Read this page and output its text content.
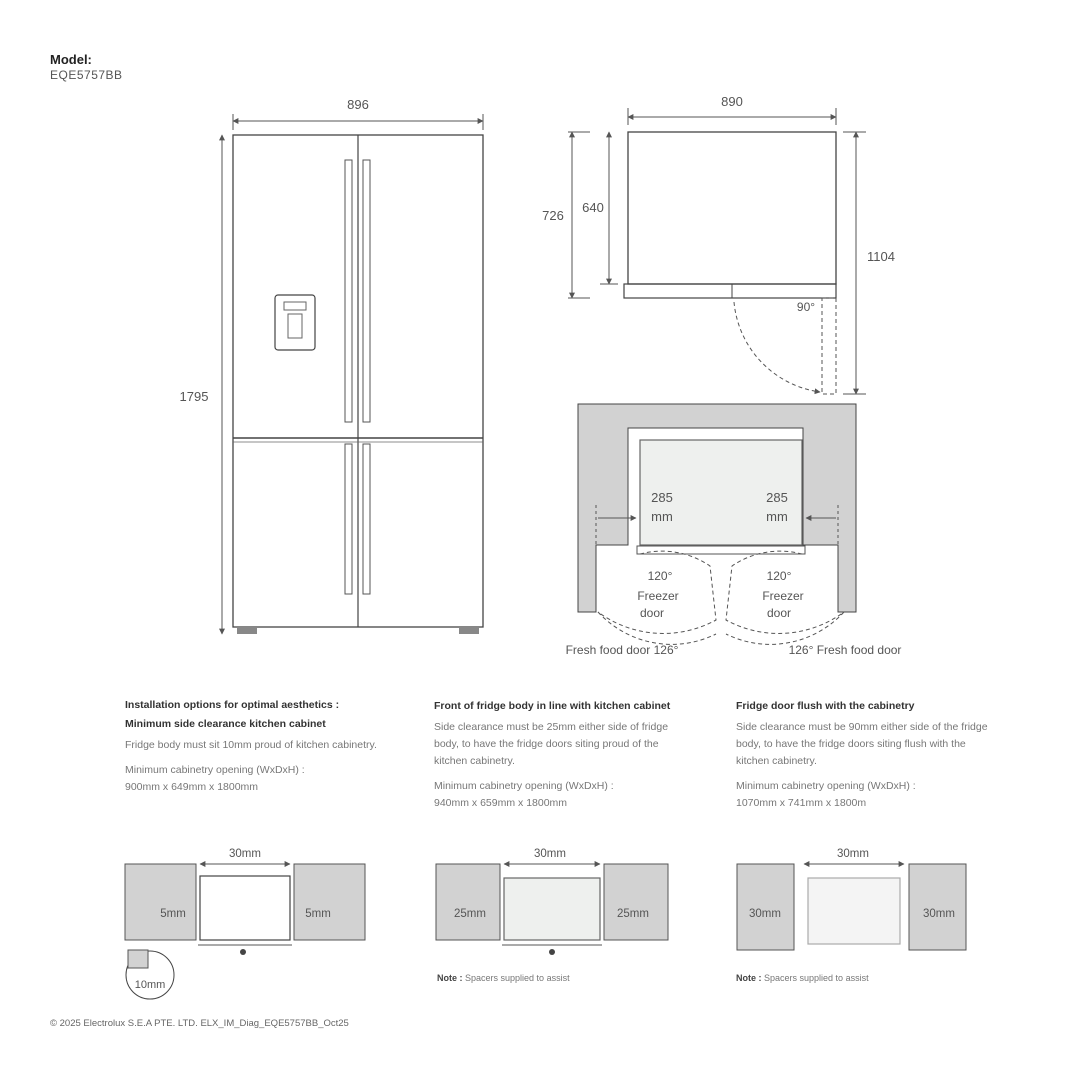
Model:
EQE5757BB
896
1795
890
726
640
1104
90°
285
mm
285
mm
120°	120°
Freezer
door
Freezer
door
Fresh food door 126°	126° Fresh food door
30mm
5mm	5mm
10mm
30mm
25mm	25mm
30mm
30mm	30mm
Installation options for optimal aesthetics :
Minimum side clearance kitchen cabinet

Fridge body must sit 10mm proud of kitchen cabinetry.

Minimum cabinetry opening (WxDxH) :
900mm x 649mm x 1800mm
Front of fridge body in line with kitchen cabinet

Side clearance must be 25mm either side of fridge body, to have the fridge doors siting proud of the kitchen cabinetry.

Minimum cabinetry opening (WxDxH) :
940mm x 659mm x 1800mm
Fridge door flush with the cabinetry

Side clearance must be 90mm either side of the fridge body, to have the fridge doors siting flush with the kitchen cabinetry.

Minimum cabinetry opening (WxDxH) :
1070mm x 741mm x 1800m
Note : Spacers supplied to assist	Note : Spacers supplied to assist
© 2025 Electrolux S.E.A PTE. LTD. ELX_IM_Diag_EQE5757BB_Oct25
